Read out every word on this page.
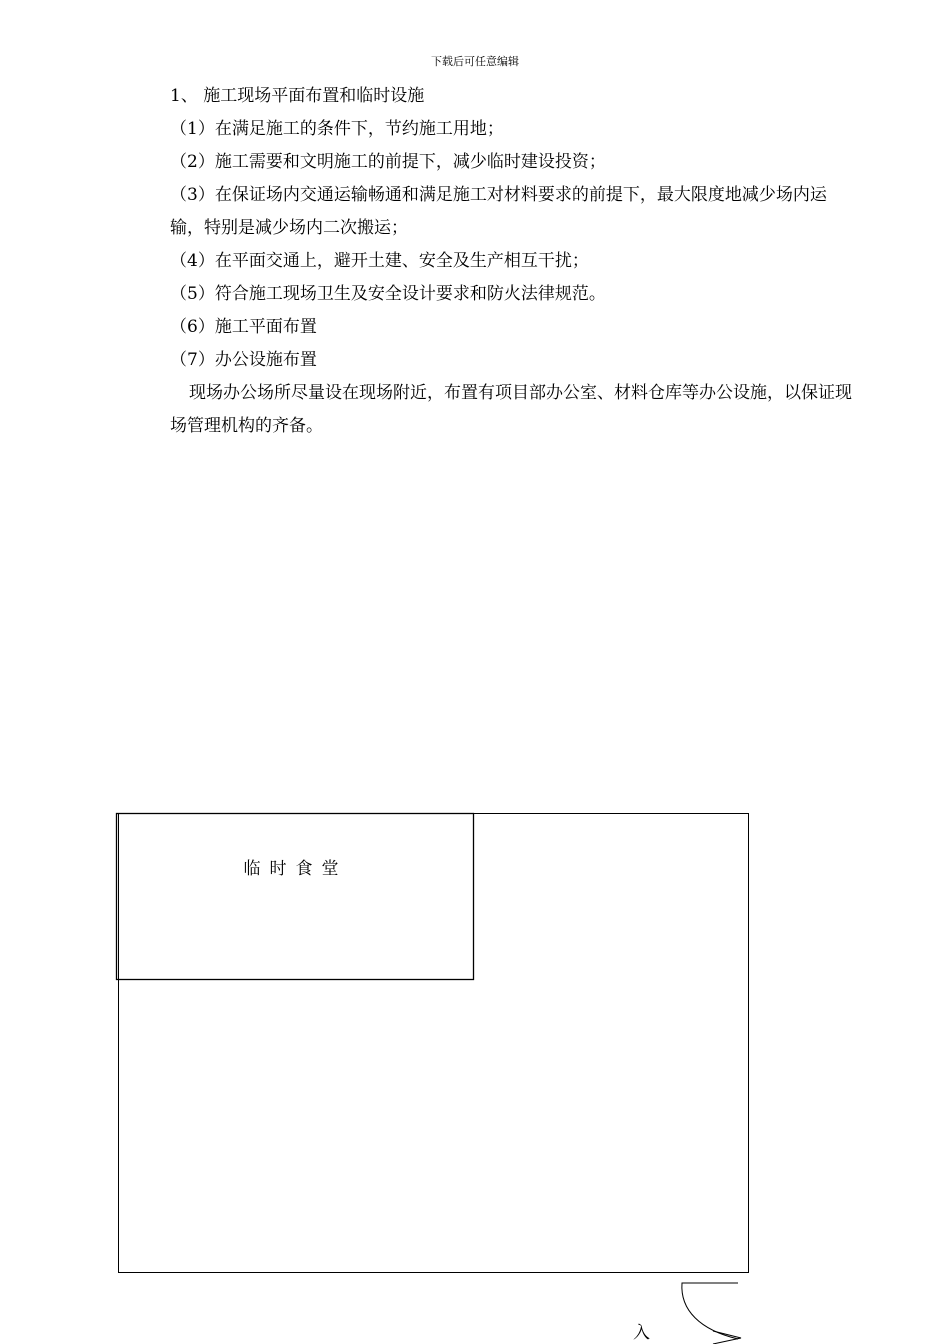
下载后可任意编辑

1、 施工现场平面布置和临时设施

（1）在满足施工的条件下，节约施工用地；

（2）施工需要和文明施工的前提下，减少临时建设投资；

（3）在保证场内交通运输畅通和满足施工对材料要求的前提下，最大限度地减少场内运输，特别是减少场内二次搬运；

（4）在平面交通上，避开土建、安全及生产相互干扰；

（5）符合施工现场卫生及安全设计要求和防火法律规范。

（6）施工平面布置

（7）办公设施布置

现场办公场所尽量设在现场附近，布置有项目部办公室、材料仓库等办公设施，以保证现场管理机构的齐备。

临时食堂
入
